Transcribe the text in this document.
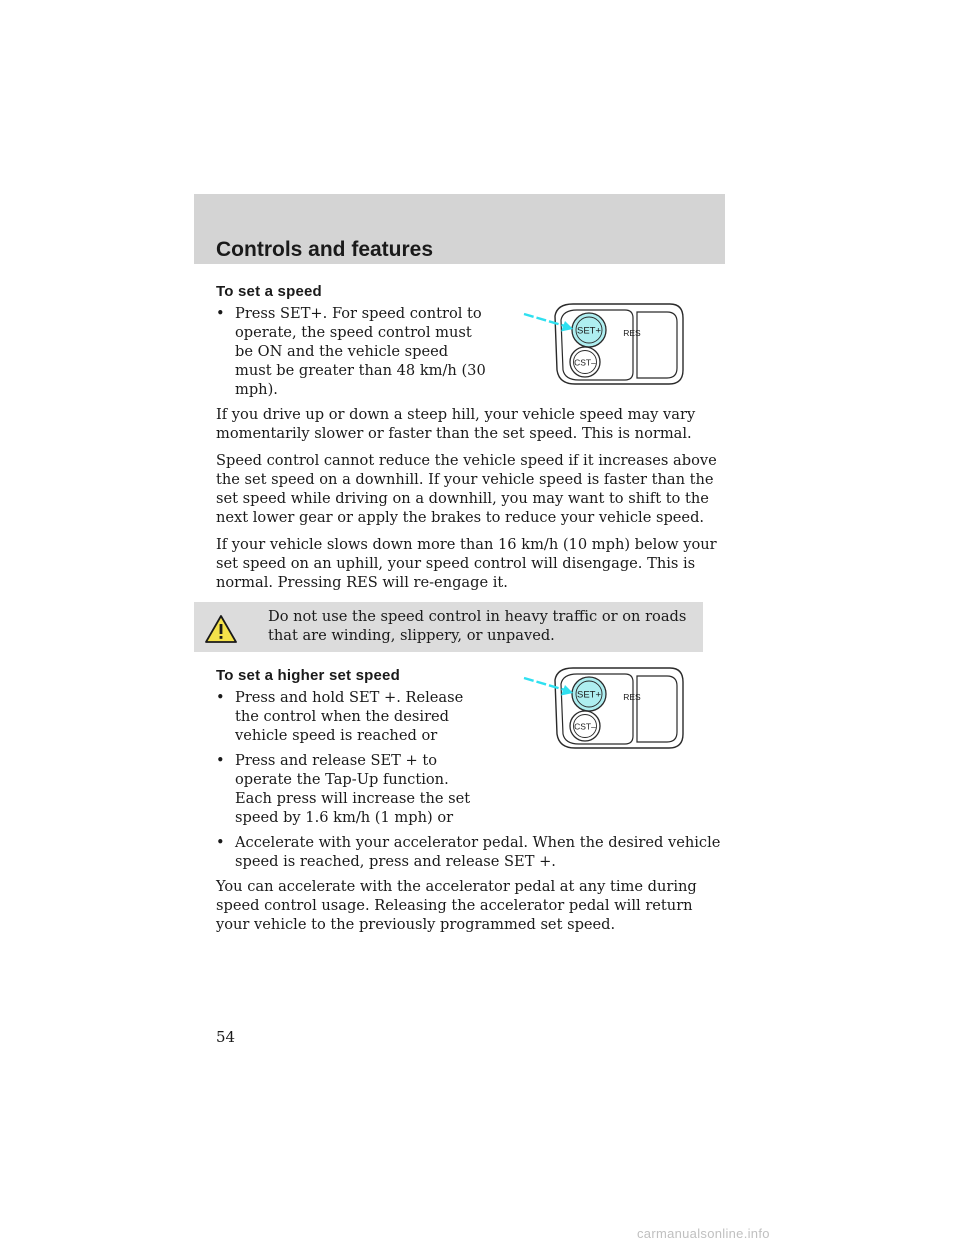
Controls and features
To set a speed
• Press SET+. For speed control to operate, the speed control must be ON and the vehicle speed must be greater than 48 km/h (30 mph).

If you drive up or down a steep hill, your vehicle speed may vary momentarily slower or faster than the set speed. This is normal.

Speed control cannot reduce the vehicle speed if it increases above the set speed on a downhill. If your vehicle speed is faster than the set speed while driving on a downhill, you may want to shift to the next lower gear or apply the brakes to reduce your vehicle speed.

If your vehicle slows down more than 16 km/h (10 mph) below your set speed on an uphill, your speed control will disengage. This is normal. Pressing RES will re-engage it.

Do not use the speed control in heavy traffic or on roads that are winding, slippery, or unpaved.
To set a higher set speed
• Press and hold SET +. Release the control when the desired vehicle speed is reached or
• Press and release SET + to operate the Tap-Up function. Each press will increase the set speed by 1.6 km/h (1 mph) or
• Accelerate with your accelerator pedal. When the desired vehicle speed is reached, press and release SET +.

You can accelerate with the accelerator pedal at any time during speed control usage. Releasing the accelerator pedal will return your vehicle to the previously programmed set speed.

SET+
CST–
RES
SET+
CST–
RES
54
carmanualsonline.info
